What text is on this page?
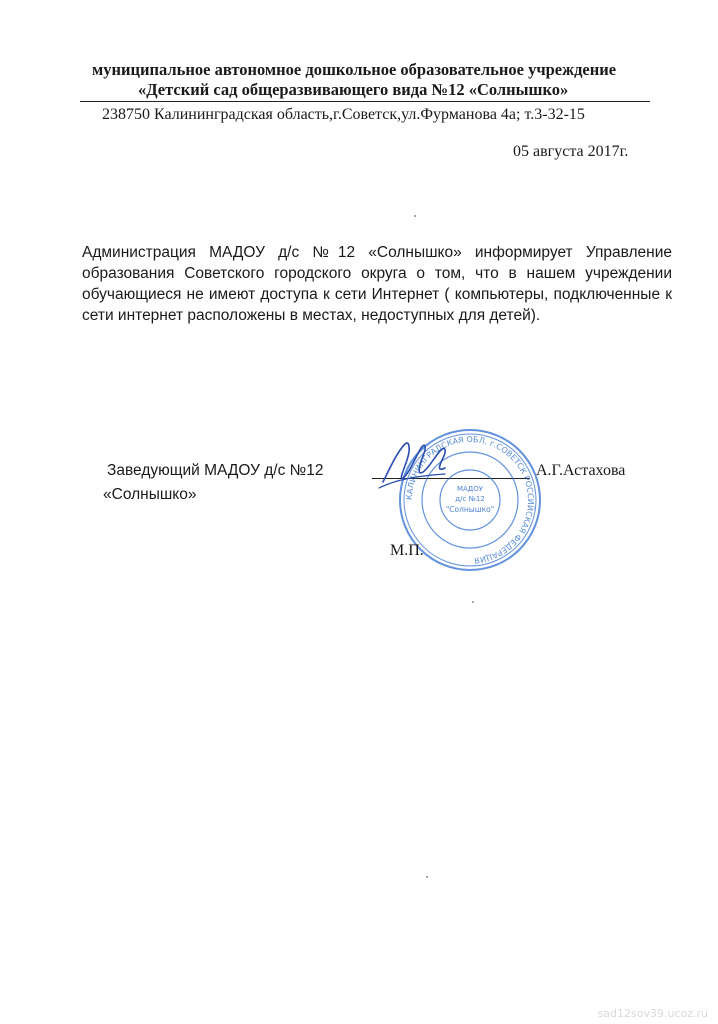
муниципальное автономное дошкольное образовательное учреждение
«Детский сад общеразвивающего вида №12 «Солнышко»
238750 Калининградская область,г.Советск,ул.Фурманова 4а; т.3-32-15
05 августа 2017г.
Администрация МАДОУ д/с №12 «Солнышко» информирует Управление образования Советского городского округа о том, что в нашем учреждении обучающиеся не имеют доступа к сети Интернет ( компьютеры, подключенные к сети интернет расположены в местах, недоступных для детей).
Заведующий МАДОУ д/с №12
«Солнышко»	КАЛИНИНГРАДСКАЯ ОБЛ. г.СОВЕТСК РОССИЙСКАЯ ФЕДЕРАЦИЯ
МАДОУ
д/с №12
"Солнышко"
А.Г.Астахова
М.П.
sad12sov39.ucoz.ru
